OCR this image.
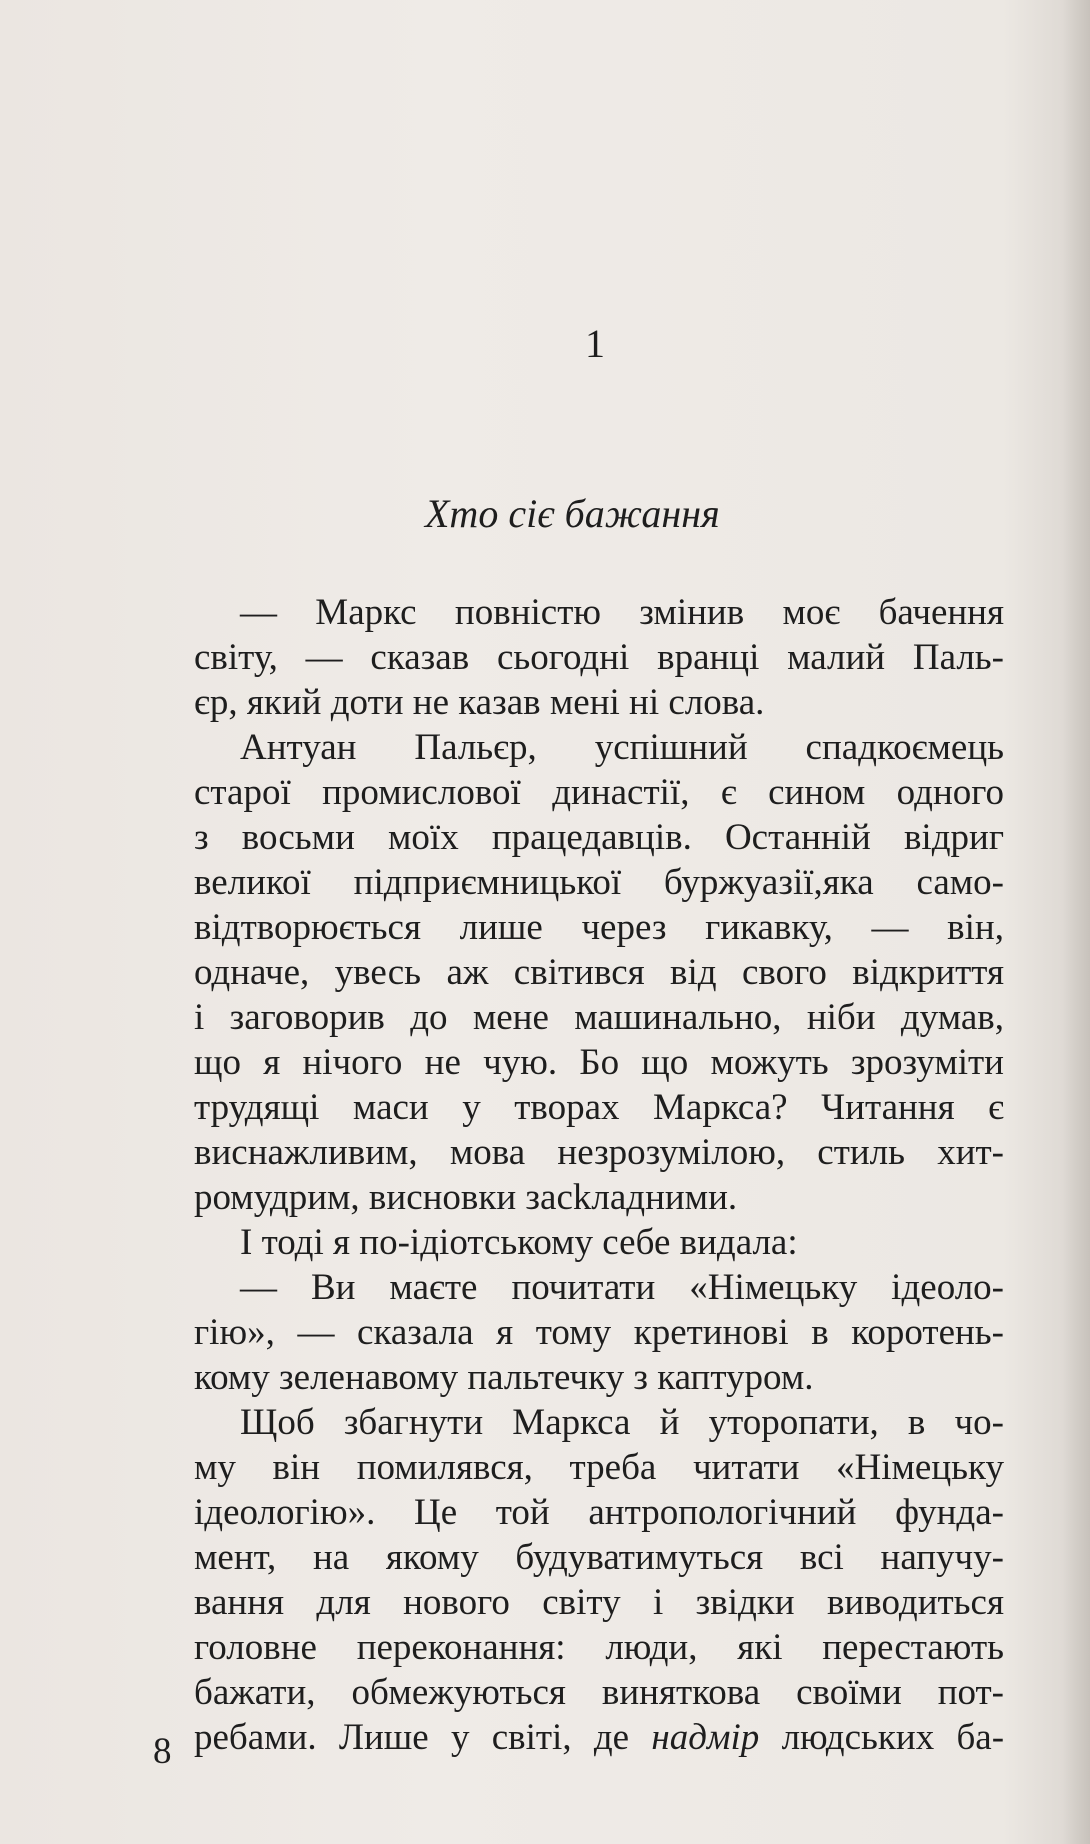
1
Хто сіє бажання
— Маркс повністю змінив моє бачення
світу, — сказав сьогодні вранці малий Паль-
єр, який доти не казав мені ні слова.
Антуан Пальєр, успішний спадкоємець
старої промислової династії, є сином одного
з восьми моїх працедавців. Останній відриг
великої підприємницької буржуазії,яка само-
відтворюється лише через гикавку, — він,
одначе, увесь аж світився від свого відкриття
і заговорив до мене машинально, ніби думав,
що я нічого не чую. Бо що можуть зрозуміти
трудящі маси у творах Маркса? Читання є
виснажливим, мова незрозумілою, стиль хит-
ромудрим, висновки засkладними.
І тоді я по-ідіотському себе видала:
— Ви маєте почитати «Німецьку ідеоло-
гію», — сказала я тому кретинові в коротень-
кому зеленавому пальтечку з каптуром.
Щоб збагнути Маркса й уторопати, в чо-
му він помилявся, треба читати «Німецьку
ідеологію». Це той антропологічний фунда-
мент, на якому будуватимуться всі напучу-
вання для нового світу і звідки виводиться
головне переконання: люди, які перестають
бажати, обмежуються виняткова своїми пот-
ребами. Лише у світі, де надмір людських ба-
8
